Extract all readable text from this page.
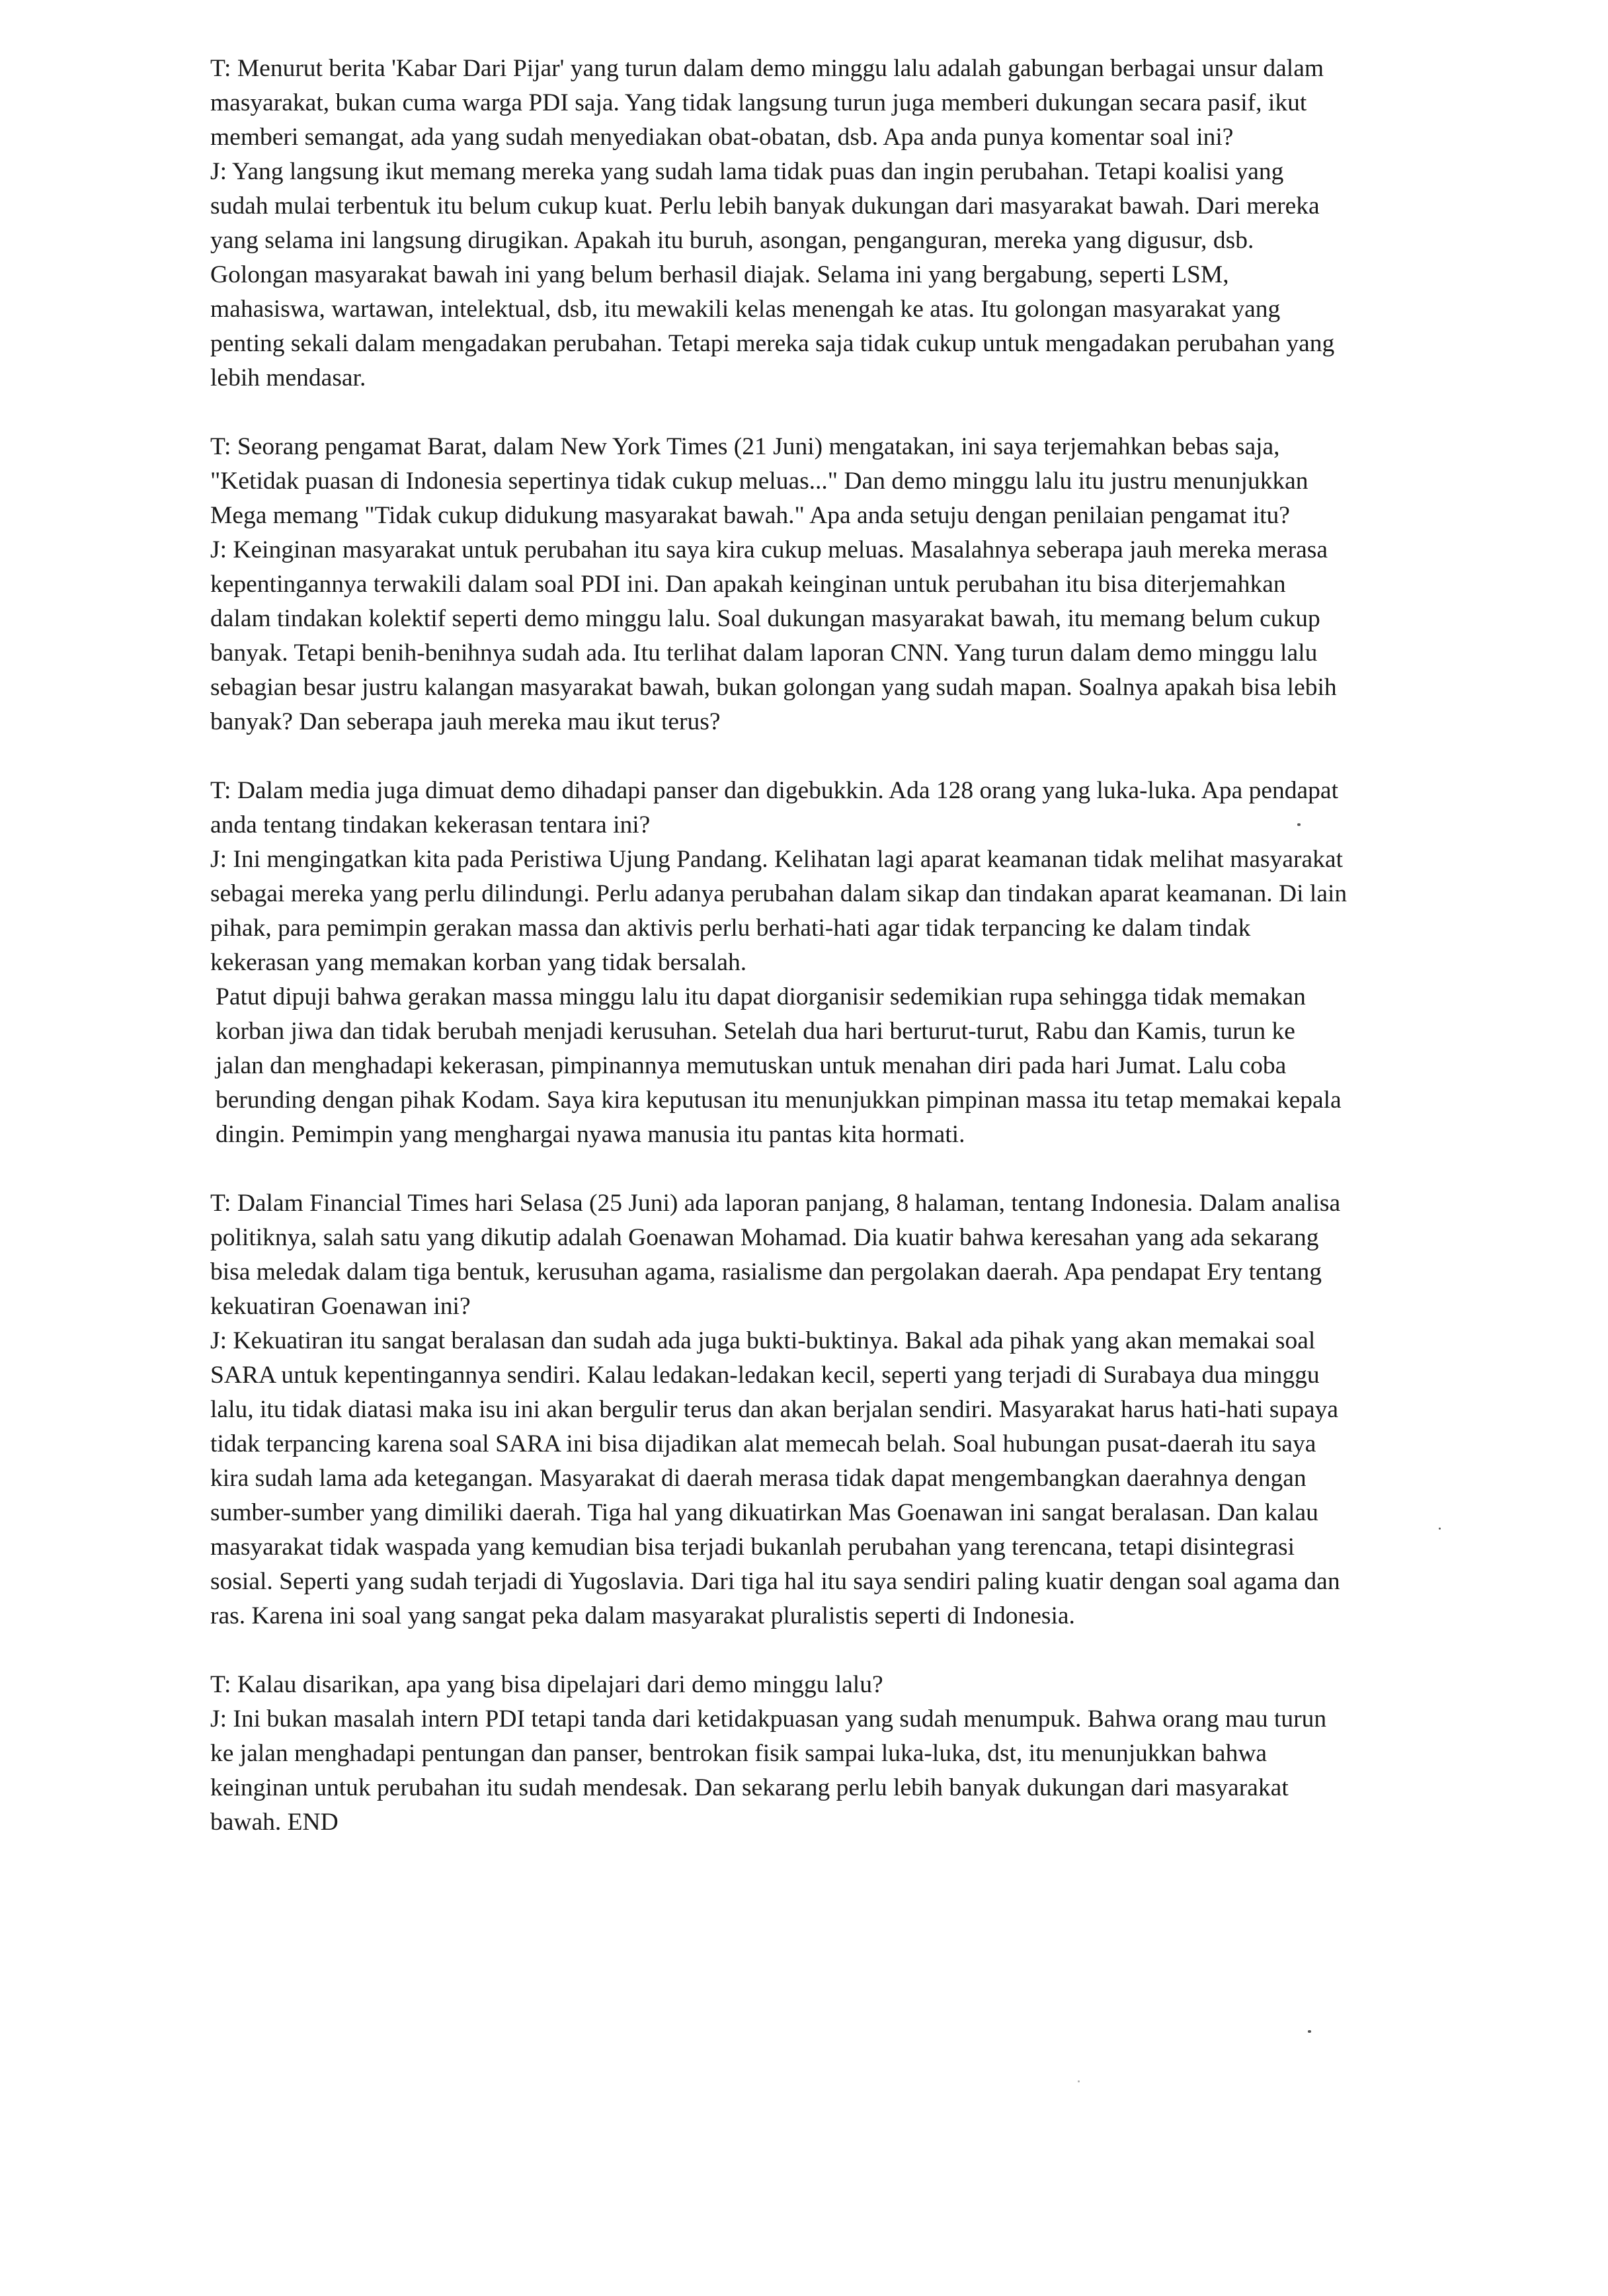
T: Menurut berita 'Kabar Dari Pijar' yang turun dalam demo minggu lalu adalah gabungan berbagai unsur dalam masyarakat, bukan cuma warga PDI saja. Yang tidak langsung turun juga memberi dukungan secara pasif, ikut memberi semangat, ada yang sudah menyediakan obat-obatan, dsb. Apa anda punya komentar soal ini?

J: Yang langsung ikut memang mereka yang sudah lama tidak puas dan ingin perubahan. Tetapi koalisi yang sudah mulai terbentuk itu belum cukup kuat. Perlu lebih banyak dukungan dari masyarakat bawah. Dari mereka yang selama ini langsung dirugikan. Apakah itu buruh, asongan, penganguran, mereka yang digusur, dsb. Golongan masyarakat bawah ini yang belum berhasil diajak. Selama ini yang bergabung, seperti LSM, mahasiswa, wartawan, intelektual, dsb, itu mewakili kelas menengah ke atas. Itu golongan masyarakat yang penting sekali dalam mengadakan perubahan. Tetapi mereka saja tidak cukup untuk mengadakan perubahan yang lebih mendasar.

T: Seorang pengamat Barat, dalam New York Times (21 Juni) mengatakan, ini saya terjemahkan bebas saja, "Ketidak puasan di Indonesia sepertinya tidak cukup meluas..." Dan demo minggu lalu itu justru menunjukkan Mega memang "Tidak cukup didukung masyarakat bawah." Apa anda setuju dengan penilaian pengamat itu?

J: Keinginan masyarakat untuk perubahan itu saya kira cukup meluas. Masalahnya seberapa jauh mereka merasa kepentingannya terwakili dalam soal PDI ini. Dan apakah keinginan untuk perubahan itu bisa diterjemahkan dalam tindakan kolektif seperti demo minggu lalu. Soal dukungan masyarakat bawah, itu memang belum cukup banyak. Tetapi benih-benihnya sudah ada. Itu terlihat dalam laporan CNN. Yang turun dalam demo minggu lalu sebagian besar justru kalangan masyarakat bawah, bukan golongan yang sudah mapan. Soalnya apakah bisa lebih banyak? Dan seberapa jauh mereka mau ikut terus?

T: Dalam media juga dimuat demo dihadapi panser dan digebukkin. Ada 128 orang yang luka-luka. Apa pendapat anda tentang tindakan kekerasan tentara ini?

J: Ini mengingatkan kita pada Peristiwa Ujung Pandang. Kelihatan lagi aparat keamanan tidak melihat masyarakat sebagai mereka yang perlu dilindungi. Perlu adanya perubahan dalam sikap dan tindakan aparat keamanan. Di lain pihak, para pemimpin gerakan massa dan aktivis perlu berhati-hati agar tidak terpancing ke dalam tindak kekerasan yang memakan korban yang tidak bersalah.

Patut dipuji bahwa gerakan massa minggu lalu itu dapat diorganisir sedemikian rupa sehingga tidak memakan korban jiwa dan tidak berubah menjadi kerusuhan. Setelah dua hari berturut-turut, Rabu dan Kamis, turun ke jalan dan menghadapi kekerasan, pimpinannya memutuskan untuk menahan diri pada hari Jumat. Lalu coba berunding dengan pihak Kodam. Saya kira keputusan itu menunjukkan pimpinan massa itu tetap memakai kepala dingin. Pemimpin yang menghargai nyawa manusia itu pantas kita hormati.

T: Dalam Financial Times hari Selasa (25 Juni) ada laporan panjang, 8 halaman, tentang Indonesia. Dalam analisa politiknya, salah satu yang dikutip adalah Goenawan Mohamad. Dia kuatir bahwa keresahan yang ada sekarang bisa meledak dalam tiga bentuk, kerusuhan agama, rasialisme dan pergolakan daerah. Apa pendapat Ery tentang kekuatiran Goenawan ini?

J: Kekuatiran itu sangat beralasan dan sudah ada juga bukti-buktinya. Bakal ada pihak yang akan memakai soal SARA untuk kepentingannya sendiri. Kalau ledakan-ledakan kecil, seperti yang terjadi di Surabaya dua minggu lalu, itu tidak diatasi maka isu ini akan bergulir terus dan akan berjalan sendiri. Masyarakat harus hati-hati supaya tidak terpancing karena soal SARA ini bisa dijadikan alat memecah belah. Soal hubungan pusat-daerah itu saya kira sudah lama ada ketegangan. Masyarakat di daerah merasa tidak dapat mengembangkan daerahnya dengan sumber-sumber yang dimiliki daerah. Tiga hal yang dikuatirkan Mas Goenawan ini sangat beralasan. Dan kalau masyarakat tidak waspada yang kemudian bisa terjadi bukanlah perubahan yang terencana, tetapi disintegrasi sosial. Seperti yang sudah terjadi di Yugoslavia. Dari tiga hal itu saya sendiri paling kuatir dengan soal agama dan ras. Karena ini soal yang sangat peka dalam masyarakat pluralistis seperti di Indonesia.

T: Kalau disarikan, apa yang bisa dipelajari dari demo minggu lalu?

J: Ini bukan masalah intern PDI tetapi tanda dari ketidakpuasan yang sudah menumpuk. Bahwa orang mau turun ke jalan menghadapi pentungan dan panser, bentrokan fisik sampai luka-luka, dst, itu menunjukkan bahwa keinginan untuk perubahan itu sudah mendesak. Dan sekarang perlu lebih banyak dukungan dari masyarakat bawah. END
